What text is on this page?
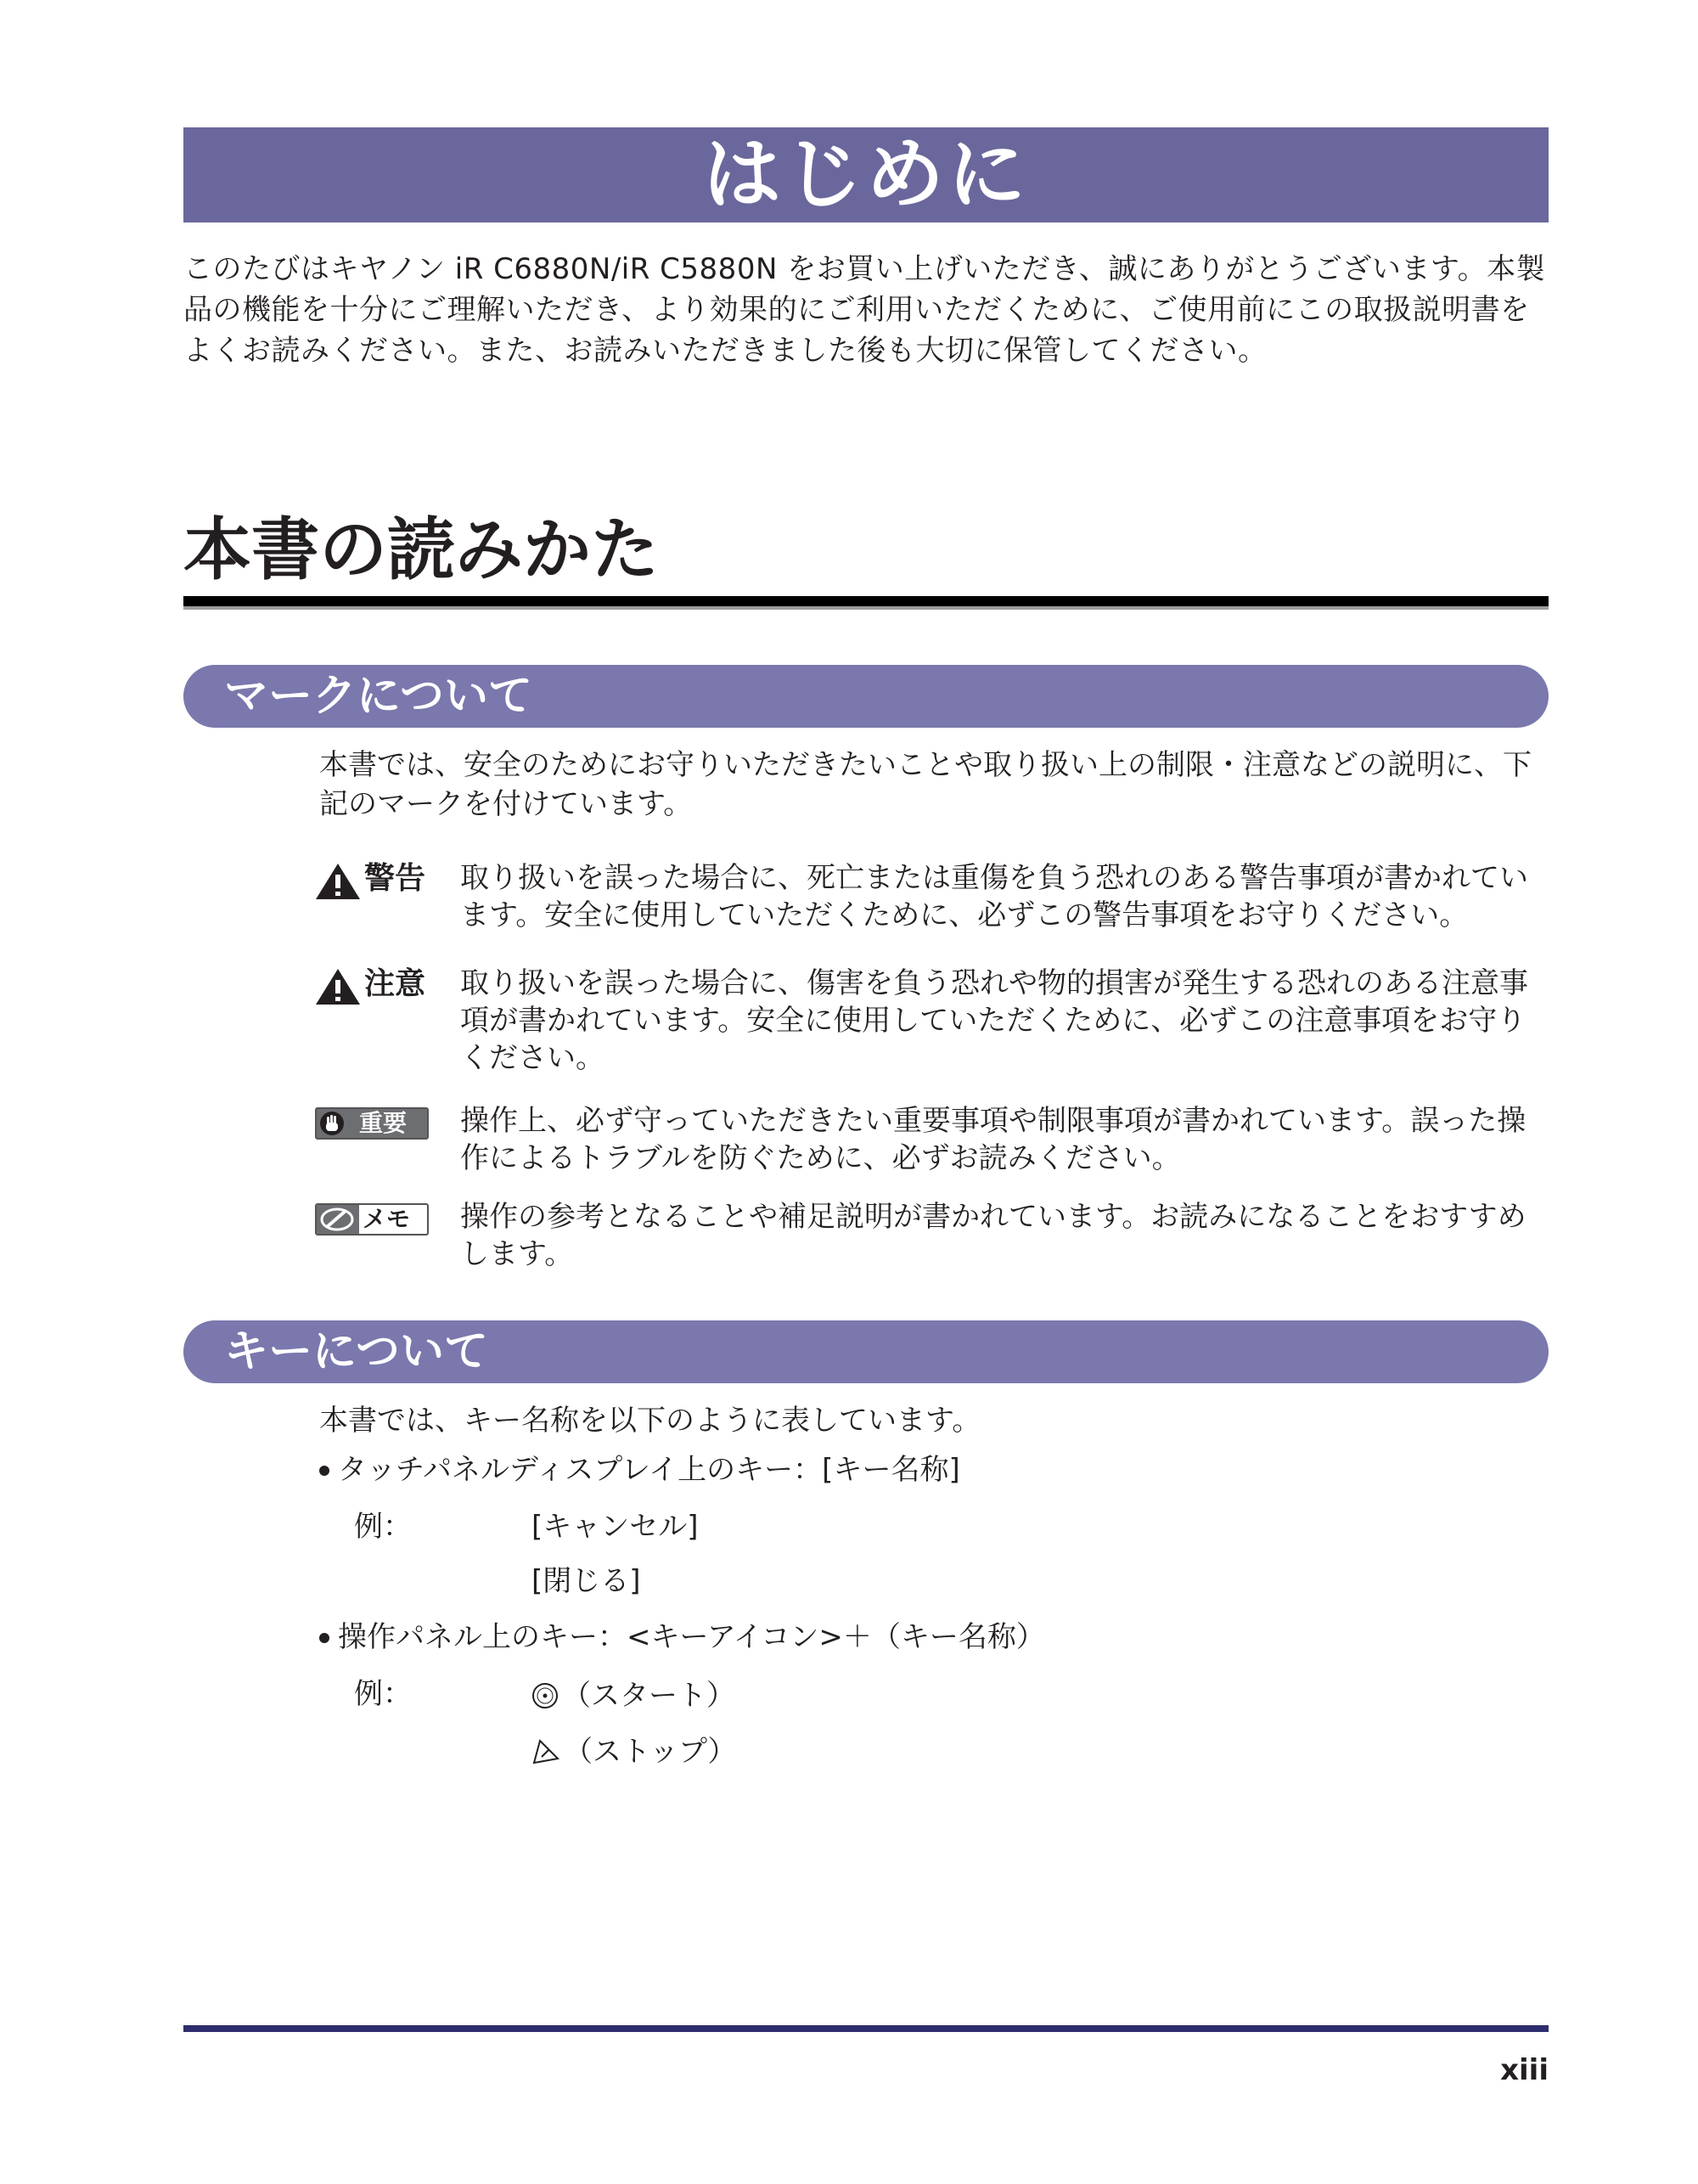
はじめに
このたびはキヤノン iR C6880N/iR C5880N をお買い上げいただき、誠にありがとうございます。本製品の機能を十分にご理解いただき、より効果的にご利用いただくために、ご使用前にこの取扱説明書をよくお読みください。また、お読みいただきました後も大切に保管してください。
本書の読みかた
マークについて
本書では、安全のためにお守りいただきたいことや取り扱い上の制限・注意などの説明に、下記のマークを付けています。
警告 取り扱いを誤った場合に、死亡または重傷を負う恐れのある警告事項が書かれています。安全に使用していただくために、必ずこの警告事項をお守りください。
注意 取り扱いを誤った場合に、傷害を負う恐れや物的損害が発生する恐れのある注意事項が書かれています。安全に使用していただくために、必ずこの注意事項をお守りください。
重要 操作上、必ず守っていただきたい重要事項や制限事項が書かれています。誤った操作によるトラブルを防ぐために、必ずお読みください。
メモ 操作の参考となることや補足説明が書かれています。お読みになることをおすすめします。
キーについて
本書では、キー名称を以下のように表しています。
タッチパネルディスプレイ上のキー：[キー名称]
例：	[キャンセル]
[閉じる]
操作パネル上のキー：<キーアイコン>＋（キー名称）
例：	（スタート）
（ストップ）
xiii
